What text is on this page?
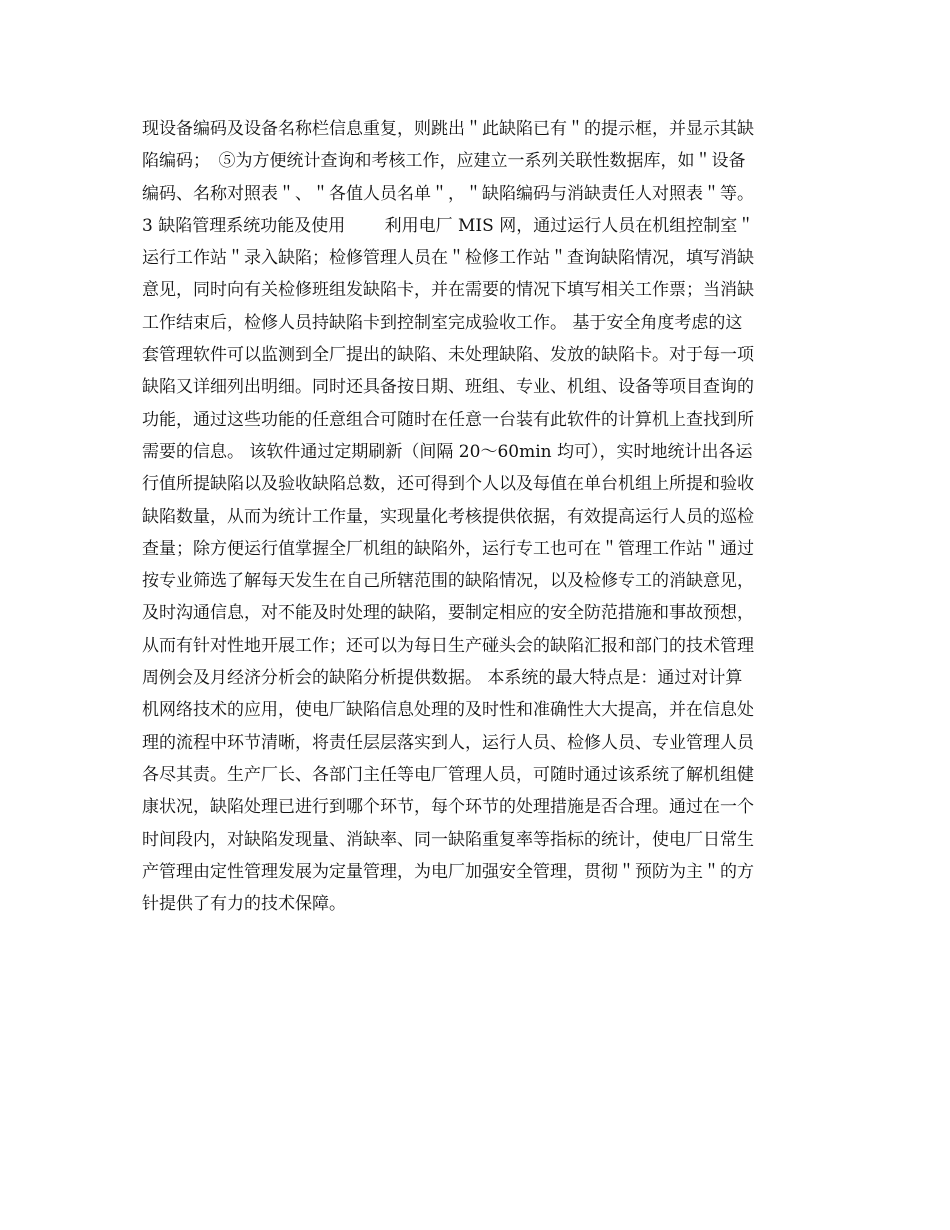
现设备编码及设备名称栏信息重复，则跳出＂此缺陷已有＂的提示框，并显示其缺
陷编码；　⑤为方便统计查询和考核工作，应建立一系列关联性数据库，如＂设备
编码、名称对照表＂、＂各值人员名单＂，＂缺陷编码与消缺责任人对照表＂等。
3 缺陷管理系统功能及使用　　 利用电厂 MIS 网，通过运行人员在机组控制室＂
运行工作站＂录入缺陷；检修管理人员在＂检修工作站＂查询缺陷情况，填写消缺
意见，同时向有关检修班组发缺陷卡，并在需要的情况下填写相关工作票；当消缺
工作结束后，检修人员持缺陷卡到控制室完成验收工作。 基于安全角度考虑的这
套管理软件可以监测到全厂提出的缺陷、未处理缺陷、发放的缺陷卡。对于每一项
缺陷又详细列出明细。同时还具备按日期、班组、专业、机组、设备等项目查询的
功能，通过这些功能的任意组合可随时在任意一台装有此软件的计算机上查找到所
需要的信息。 该软件通过定期刷新（间隔 20～60min 均可），实时地统计出各运
行值所提缺陷以及验收缺陷总数，还可得到个人以及每值在单台机组上所提和验收
缺陷数量，从而为统计工作量，实现量化考核提供依据，有效提高运行人员的巡检
查量；除方便运行值掌握全厂机组的缺陷外，运行专工也可在＂管理工作站＂通过
按专业筛选了解每天发生在自己所辖范围的缺陷情况，以及检修专工的消缺意见，
及时沟通信息，对不能及时处理的缺陷，要制定相应的安全防范措施和事故预想，
从而有针对性地开展工作；还可以为每日生产碰头会的缺陷汇报和部门的技术管理
周例会及月经济分析会的缺陷分析提供数据。 本系统的最大特点是：通过对计算
机网络技术的应用，使电厂缺陷信息处理的及时性和准确性大大提高，并在信息处
理的流程中环节清晰，将责任层层落实到人，运行人员、检修人员、专业管理人员
各尽其责。生产厂长、各部门主任等电厂管理人员，可随时通过该系统了解机组健
康状况，缺陷处理已进行到哪个环节，每个环节的处理措施是否合理。通过在一个
时间段内，对缺陷发现量、消缺率、同一缺陷重复率等指标的统计，使电厂日常生
产管理由定性管理发展为定量管理，为电厂加强安全管理，贯彻＂预防为主＂的方
针提供了有力的技术保障。
